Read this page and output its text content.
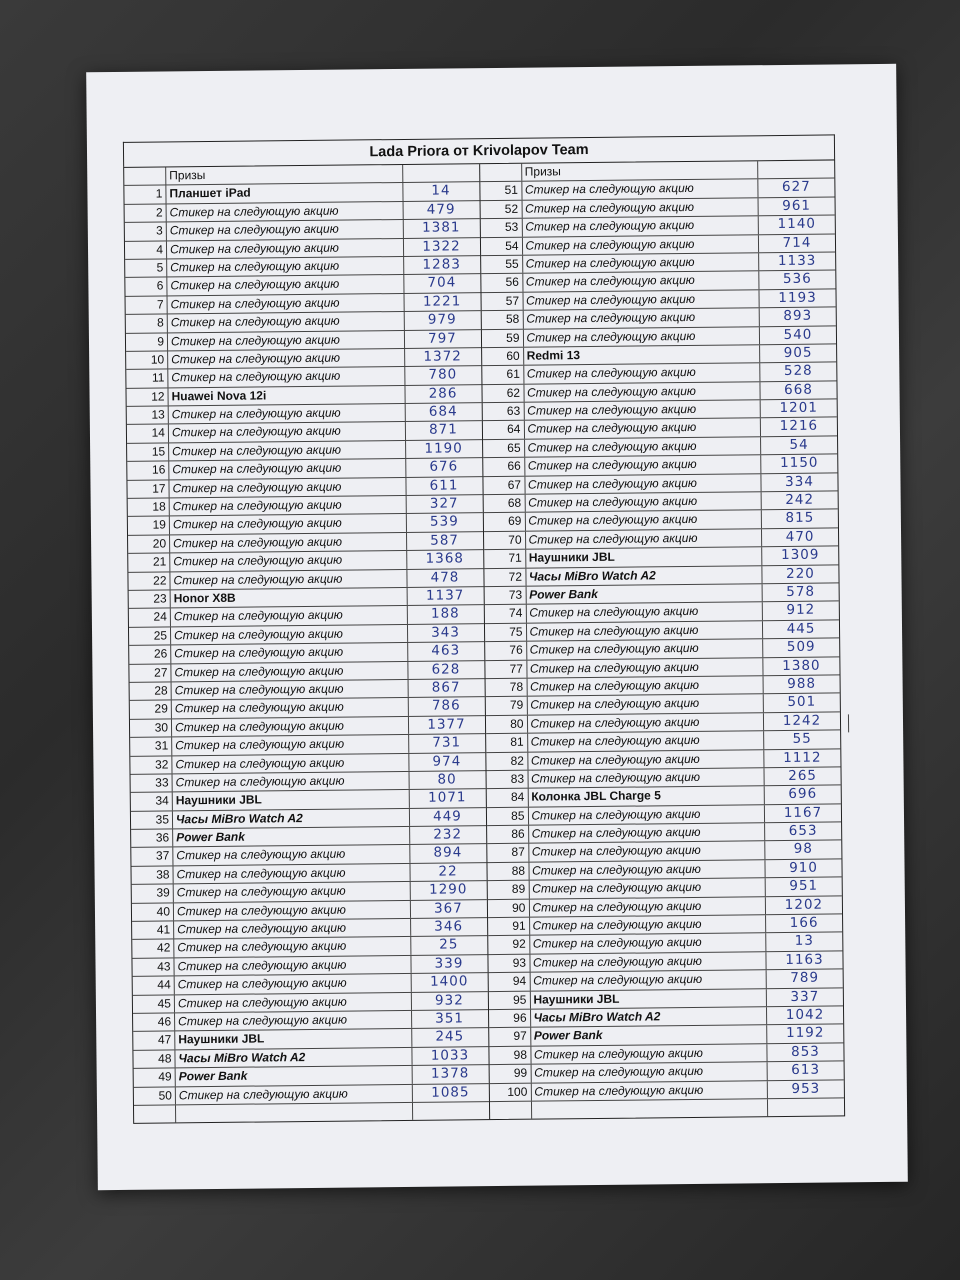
Lada Priora от Krivolapov Team
Призы
1 Планшет iPad	14
2 Стикер на следующую акцию	479
3 Стикер на следующую акцию	1381
4 Стикер на следующую акцию	1322
5 Стикер на следующую акцию	1283
6 Стикер на следующую акцию	704
7 Стикер на следующую акцию	1221
8 Стикер на следующую акцию	979
9 Стикер на следующую акцию	797
10 Стикер на следующую акцию	1372
11 Стикер на следующую акцию	780
12 Huawei Nova 12i	286
13 Стикер на следующую акцию	684
14 Стикер на следующую акцию	871
15 Стикер на следующую акцию	1190
16 Стикер на следующую акцию	676
17 Стикер на следующую акцию	611
18 Стикер на следующую акцию	327
19 Стикер на следующую акцию	539
20 Стикер на следующую акцию	587
21 Стикер на следующую акцию	1368
22 Стикер на следующую акцию	478
23 Honor X8B	1137
24 Стикер на следующую акцию	188
25 Стикер на следующую акцию	343
26 Стикер на следующую акцию	463
27 Стикер на следующую акцию	628
28 Стикер на следующую акцию	867
29 Стикер на следующую акцию	786
30 Стикер на следующую акцию	1377
31 Стикер на следующую акцию	731
32 Стикер на следующую акцию	974
33 Стикер на следующую акцию	80
34 Наушники JBL	1071
35 Часы MiBro Watch A2	449
36 Power Bank	232
37 Стикер на следующую акцию	894
38 Стикер на следующую акцию	22
39 Стикер на следующую акцию	1290
40 Стикер на следующую акцию	367
41 Стикер на следующую акцию	346
42 Стикер на следующую акцию	25
43 Стикер на следующую акцию	339
44 Стикер на следующую акцию	1400
45 Стикер на следующую акцию	932
46 Стикер на следующую акцию	351
47 Наушники JBL	245
48 Часы MiBro Watch A2	1033
49 Power Bank	1378
50 Стикер на следующую акцию	1085
Призы
51 Стикер на следующую акцию	627
52 Стикер на следующую акцию	961
53 Стикер на следующую акцию	1140
54 Стикер на следующую акцию	714
55 Стикер на следующую акцию	1133
56 Стикер на следующую акцию	536
57 Стикер на следующую акцию	1193
58 Стикер на следующую акцию	893
59 Стикер на следующую акцию	540
60 Redmi 13	905
61 Стикер на следующую акцию	528
62 Стикер на следующую акцию	668
63 Стикер на следующую акцию	1201
64 Стикер на следующую акцию	1216
65 Стикер на следующую акцию	54
66 Стикер на следующую акцию	1150
67 Стикер на следующую акцию	334
68 Стикер на следующую акцию	242
69 Стикер на следующую акцию	815
70 Стикер на следующую акцию	470
71 Наушники JBL	1309
72 Часы MiBro Watch A2	220
73 Power Bank	578
74 Стикер на следующую акцию	912
75 Стикер на следующую акцию	445
76 Стикер на следующую акцию	509
77 Стикер на следующую акцию	1380
78 Стикер на следующую акцию	988
79 Стикер на следующую акцию	501
80 Стикер на следующую акцию	1242
81 Стикер на следующую акцию	55
82 Стикер на следующую акцию	1112
83 Стикер на следующую акцию	265
84 Колонка JBL Charge 5	696
85 Стикер на следующую акцию	1167
86 Стикер на следующую акцию	653
87 Стикер на следующую акцию	98
88 Стикер на следующую акцию	910
89 Стикер на следующую акцию	951
90 Стикер на следующую акцию	1202
91 Стикер на следующую акцию	166
92 Стикер на следующую акцию	13
93 Стикер на следующую акцию	1163
94 Стикер на следующую акцию	789
95 Наушники JBL	337
96 Часы MiBro Watch A2	1042
97 Power Bank	1192
98 Стикер на следующую акцию	853
99 Стикер на следующую акцию	613
100 Стикер на следующую акцию	953
